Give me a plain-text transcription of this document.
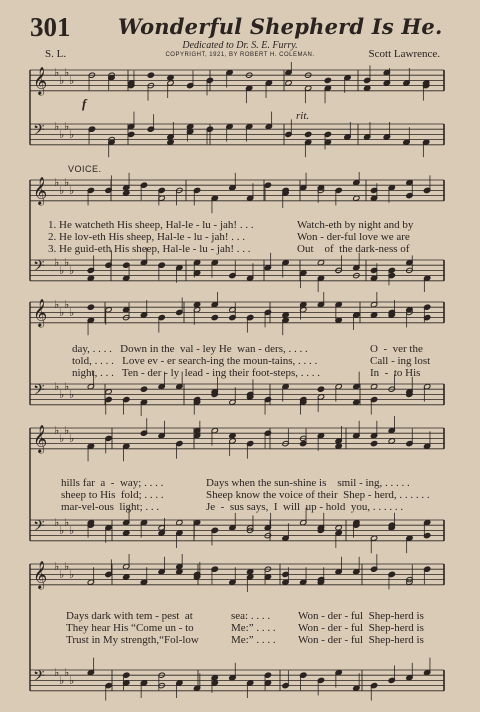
301 Wonderful Shepherd Is He.
Dedicated to Dr. S. E. Furry.
COPYRIGHT, 1921, BY ROBERT H. COLEMAN.
S. L.	Scott Lawrence.
𝄞 ♭
♭
♭
♭
𝄢 ♭
♭
♭
♭
f
rit.
VOICE.
1. He watcheth His sheep, Hal-le - lu - jah! . . .	Watch-eth by night and by
2. He lov-eth His sheep, Hal-le - lu - jah! . . .	Won - der-ful love we are
3. He guid-eth His sheep, Hal-le - lu - jah! . . .	Out    of  the dark-ness of
𝄞 ♭
♭
♭
♭
𝄢 ♭
♭
♭
♭
day, . . . .   Down in the  val - ley He  wan - ders, . . . .	O  -  ver the
told, . . . .   Love ev - er search-ing the moun-tains, . . . .	Call - ing lost
night, . . .   Ten - der - ly  lead - ing their foot-steps, . . . .	In  -  to His
𝄞 ♭
♭
♭
♭
𝄢 ♭
♭
♭
♭
hills far  a  -  way; . . . .	Days when the sun-shine is    smil - ing, . . . . .
sheep to His  fold; . . . .	Sheep know the voice of their  Shep - herd, . . . . . .
mar-vel-ous  light; . . .	Je  -  sus says,  I  will  up - hold  you, . . . . . .
𝄞 ♭
♭
♭
♭
𝄢 ♭
♭
♭
♭
Days dark with tem - pest  at	sea: . . . .	Won - der - ful  Shep-herd is
They hear His “Come un - to	Me:” . . . . Won - der - ful  Shep-herd is
Trust in My strength,“Fol-low	Me:” . . . . Won - der - ful  Shep-herd is
𝄞 ♭
♭
♭
♭
𝄢 ♭
♭
♭
♭
